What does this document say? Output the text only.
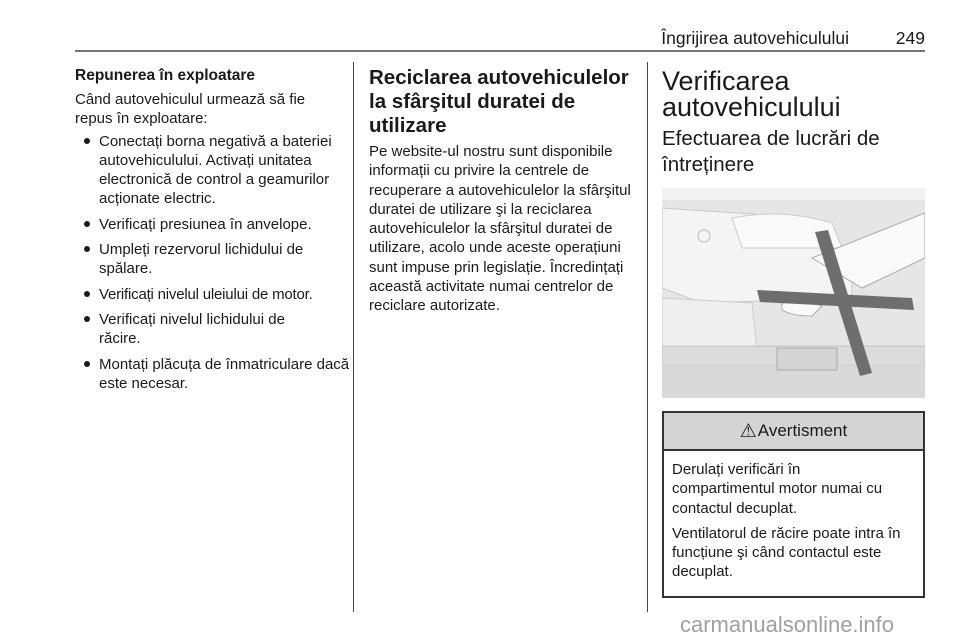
Îngrijirea autovehiculului	249
Repunerea în exploatare

Când autovehiculul urmează să fie repus în exploatare:

Conectați borna negativă a bateriei autovehiculului. Activați unitatea electronică de control a geamurilor acționate electric.
Verificați presiunea în anvelope.
Umpleți rezervorul lichidului de spălare.
Verificați nivelul uleiului de motor.
Verificați nivelul lichidului de răcire.
Montați plăcuța de înmatriculare dacă este necesar.
Reciclarea autovehiculelor la sfârşitul duratei de utilizare

Pe website-ul nostru sunt disponibile informații cu privire la centrele de recuperare a autovehiculelor la sfârşitul duratei de utilizare şi la reciclarea autovehiculelor la sfârşitul duratei de utilizare, acolo unde aceste operațiuni sunt impuse prin legislație. Încredințați această activitate numai centrelor de reciclare autorizate.

Verificarea autovehiculului
Efectuarea de lucrări de întreținere
⚠ Avertisment

Derulați verificări în compartimentul motor numai cu contactul decuplat.

Ventilatorul de răcire poate intra în funcțiune şi când contactul este decuplat.

carmanualsonline.info
